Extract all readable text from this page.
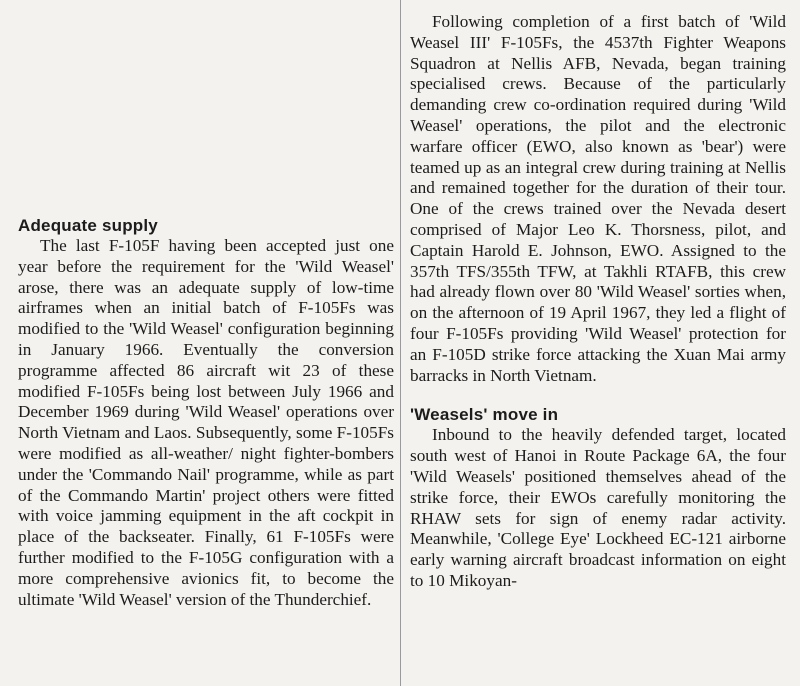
Adequate supply

The last F-105F having been accepted just one year before the requirement for the 'Wild Weasel' arose, there was an adequate supply of low-time airframes when an initial batch of F-105Fs was modified to the 'Wild Weasel' configuration beginning in January 1966. Eventually the conversion programme affected 86 aircraft wit 23 of these modified F-105Fs being lost between July 1966 and December 1969 during 'Wild Weasel' operations over North Vietnam and Laos. Subsequently, some F-105Fs were modified as all-weather/ night fighter-bombers under the 'Commando Nail' programme, while as part of the Commando Martin' project others were fitted with voice jamming equipment in the aft cockpit in place of the backseater. Finally, 61 F-105Fs were further modified to the F-105G configuration with a more comprehensive avionics fit, to become the ultimate 'Wild Weasel' version of the Thunderchief.

Following completion of a first batch of 'Wild Weasel III' F-105Fs, the 4537th Fighter Weapons Squadron at Nellis AFB, Nevada, began training specialised crews. Because of the particularly demanding crew co-ordination required during 'Wild Weasel' operations, the pilot and the electronic warfare officer (EWO, also known as 'bear') were teamed up as an integral crew during training at Nellis and remained together for the duration of their tour. One of the crews trained over the Nevada desert comprised of Major Leo K. Thorsness, pilot, and Captain Harold E. Johnson, EWO. Assigned to the 357th TFS/355th TFW, at Takhli RTAFB, this crew had already flown over 80 'Wild Weasel' sorties when, on the afternoon of 19 April 1967, they led a flight of four F-105Fs providing 'Wild Weasel' protection for an F-105D strike force attacking the Xuan Mai army barracks in North Vietnam.

'Weasels' move in

Inbound to the heavily defended target, located south west of Hanoi in Route Package 6A, the four 'Wild Weasels' positioned themselves ahead of the strike force, their EWOs carefully monitoring the RHAW sets for sign of enemy radar activity. Meanwhile, 'College Eye' Lockheed EC-121 airborne early warning aircraft broadcast information on eight to 10 Mikoyan-
